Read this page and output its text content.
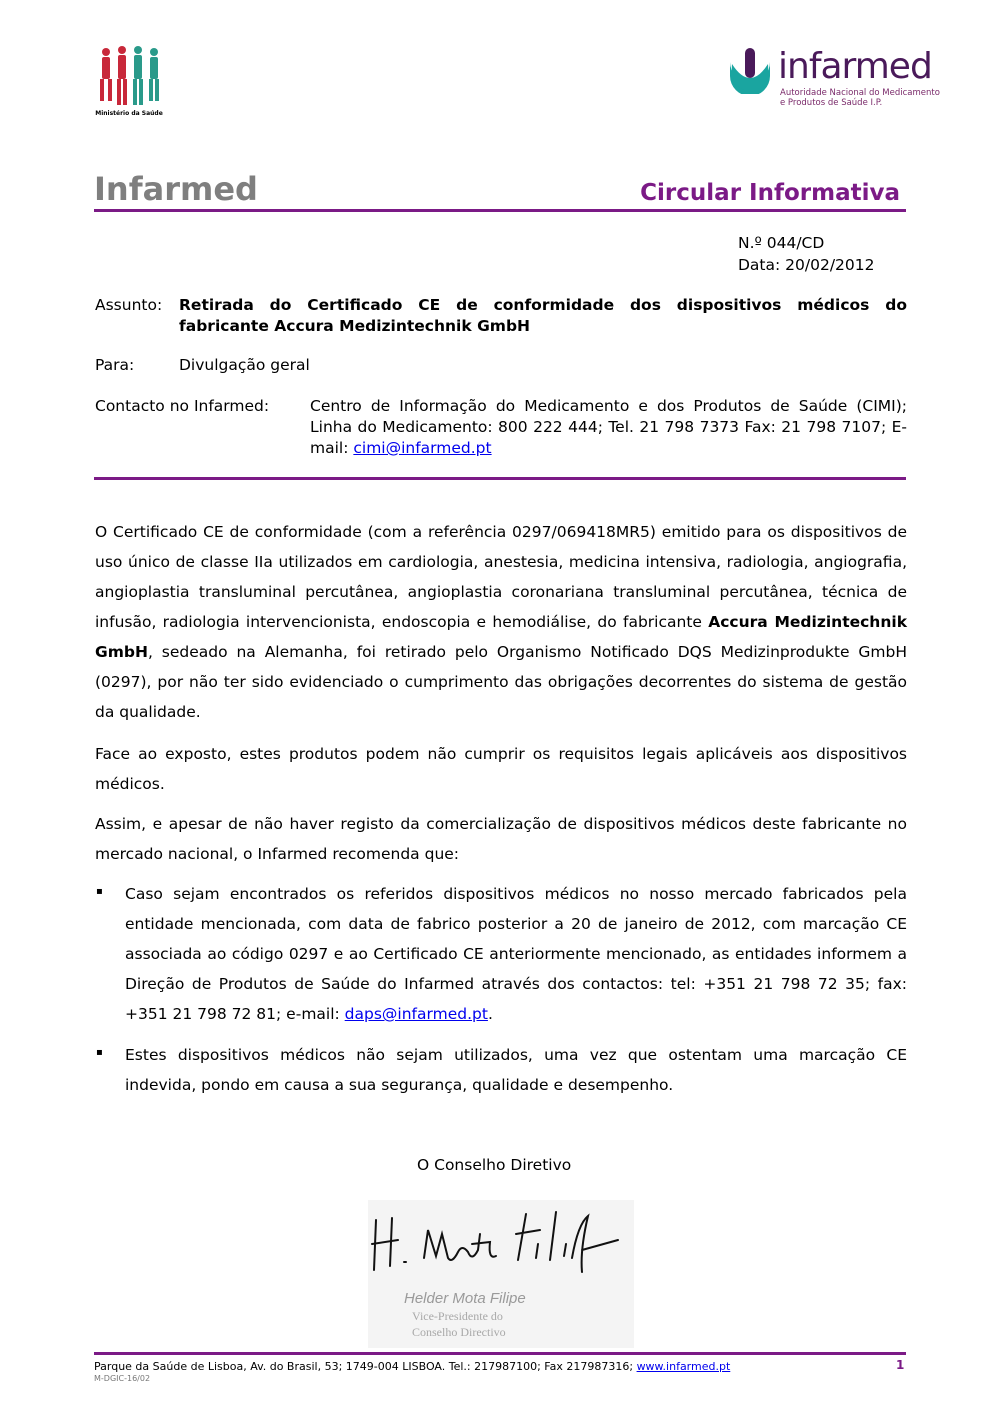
Ministério da Saúde
infarmed
Autoridade Nacional do Medicamento
e Produtos de Saúde I.P.
Infarmed	Circular Informativa
N.º 044/CD
Data: 20/02/2012
Assunto: Retirada do Certificado CE de conformidade dos dispositivos médicos do
fabricante Accura Medizintechnik GmbH
Para:	Divulgação geral
Contacto no Infarmed:	Centro de Informação do Medicamento e dos Produtos de Saúde (CIMI); Linha do Medicamento: 800 222 444; Tel. 21 798 7373 Fax: 21 798 7107; E-mail: cimi@infarmed.pt
O Certificado CE de conformidade (com a referência 0297/069418MR5) emitido para os dispositivos de uso único de classe IIa utilizados em cardiologia, anestesia, medicina intensiva, radiologia, angiografia, angioplastia transluminal percutânea, angioplastia coronariana transluminal percutânea, técnica de infusão, radiologia intervencionista, endoscopia e hemodiálise, do fabricante Accura Medizintechnik GmbH, sedeado na Alemanha, foi retirado pelo Organismo Notificado DQS Medizinprodukte GmbH (0297), por não ter sido evidenciado o cumprimento das obrigações decorrentes do sistema de gestão da qualidade.
Face ao exposto, estes produtos podem não cumprir os requisitos legais aplicáveis aos dispositivos médicos.
Assim, e apesar de não haver registo da comercialização de dispositivos médicos deste fabricante no mercado nacional, o Infarmed recomenda que:
▪ Caso sejam encontrados os referidos dispositivos médicos no nosso mercado fabricados pela entidade mencionada, com data de fabrico posterior a 20 de janeiro de 2012, com marcação CE associada ao código 0297 e ao Certificado CE anteriormente mencionado, as entidades informem a Direção de Produtos de Saúde do Infarmed através dos contactos: tel: +351 21 798 72 35; fax: +351 21 798 72 81; e-mail: daps@infarmed.pt.
▪ Estes dispositivos médicos não sejam utilizados, uma vez que ostentam uma marcação CE indevida, pondo em causa a sua segurança, qualidade e desempenho.
O Conselho Diretivo
Helder Mota Filipe
Vice-Presidente do
Conselho Directivo
Parque da Saúde de Lisboa, Av. do Brasil, 53; 1749-004 LISBOA. Tel.: 217987100; Fax 217987316; www.infarmed.pt	1
M-DGIC-16/02
